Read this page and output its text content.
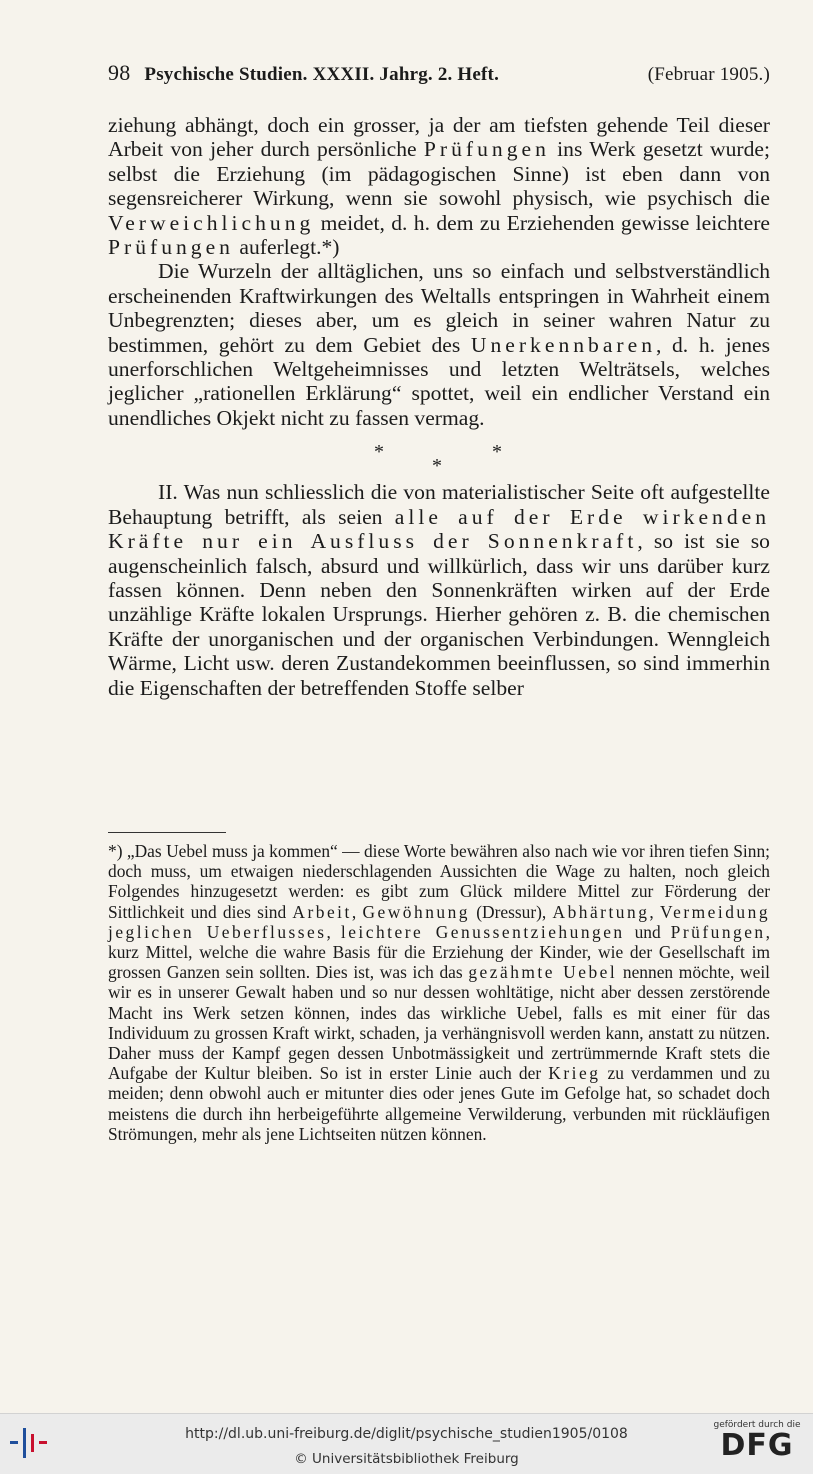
98 Psychische Studien. XXXII. Jahrg. 2. Heft.	(Februar 1905.)

ziehung abhängt, doch ein grosser, ja der am tiefsten gehende Teil dieser Arbeit von jeher durch persönliche Prüfungen ins Werk gesetzt wurde; selbst die Erziehung (im pädagogischen Sinne) ist eben dann von segensreicherer Wirkung, wenn sie sowohl physisch, wie psychisch die Verweichlichung meidet, d. h. dem zu Erziehenden gewisse leichtere Prüfungen auferlegt.*)

Die Wurzeln der alltäglichen, uns so einfach und selbstverständlich erscheinenden Kraftwirkungen des Weltalls entspringen in Wahrheit einem Unbegrenzten; dieses aber, um es gleich in seiner wahren Natur zu bestimmen, gehört zu dem Gebiet des Unerkennbaren, d. h. jenes unerforschlichen Weltgeheimnisses und letzten Welträtsels, welches jeglicher „rationellen Erklärung“ spottet, weil ein endlicher Verstand ein unendliches Okjekt nicht zu fassen vermag.

*
*
*

II. Was nun schliesslich die von materialistischer Seite oft aufgestellte Behauptung betrifft, als seien alle auf der Erde wirkenden Kräfte nur ein Ausfluss der Sonnenkraft, so ist sie so augenscheinlich falsch, absurd und willkürlich, dass wir uns darüber kurz fassen können. Denn neben den Sonnenkräften wirken auf der Erde unzählige Kräfte lokalen Ursprungs. Hierher gehören z. B. die chemischen Kräfte der unorganischen und der organischen Verbindungen. Wenngleich Wärme, Licht usw. deren Zustandekommen beeinflussen, so sind immerhin die Eigenschaften der betreffenden Stoffe selber

*) „Das Uebel muss ja kommen“ — diese Worte bewähren also nach wie vor ihren tiefen Sinn; doch muss, um etwaigen niederschlagenden Aussichten die Wage zu halten, noch gleich Folgendes hinzugesetzt werden: es gibt zum Glück mildere Mittel zur Förderung der Sittlichkeit und dies sind Arbeit, Gewöhnung (Dressur), Abhärtung, Vermeidung jeglichen Ueberflusses, leichtere Genussentziehungen und Prüfungen, kurz Mittel, welche die wahre Basis für die Erziehung der Kinder, wie der Gesellschaft im grossen Ganzen sein sollten. Dies ist, was ich das gezähmte Uebel nennen möchte, weil wir es in unserer Gewalt haben und so nur dessen wohltätige, nicht aber dessen zerstörende Macht ins Werk setzen können, indes das wirkliche Uebel, falls es mit einer für das Individuum zu grossen Kraft wirkt, schaden, ja verhängnisvoll werden kann, anstatt zu nützen. Daher muss der Kampf gegen dessen Unbotmässigkeit und zertrümmernde Kraft stets die Aufgabe der Kultur bleiben. So ist in erster Linie auch der Krieg zu verdammen und zu meiden; denn obwohl auch er mitunter dies oder jenes Gute im Gefolge hat, so schadet doch meistens die durch ihn herbeigeführte allgemeine Verwilderung, verbunden mit rückläufigen Strömungen, mehr als jene Lichtseiten nützen können.

http://dl.ub.uni-freiburg.de/diglit/psychische_studien1905/0108
© Universitätsbibliothek Freiburg
gefördert durch die
DFG
